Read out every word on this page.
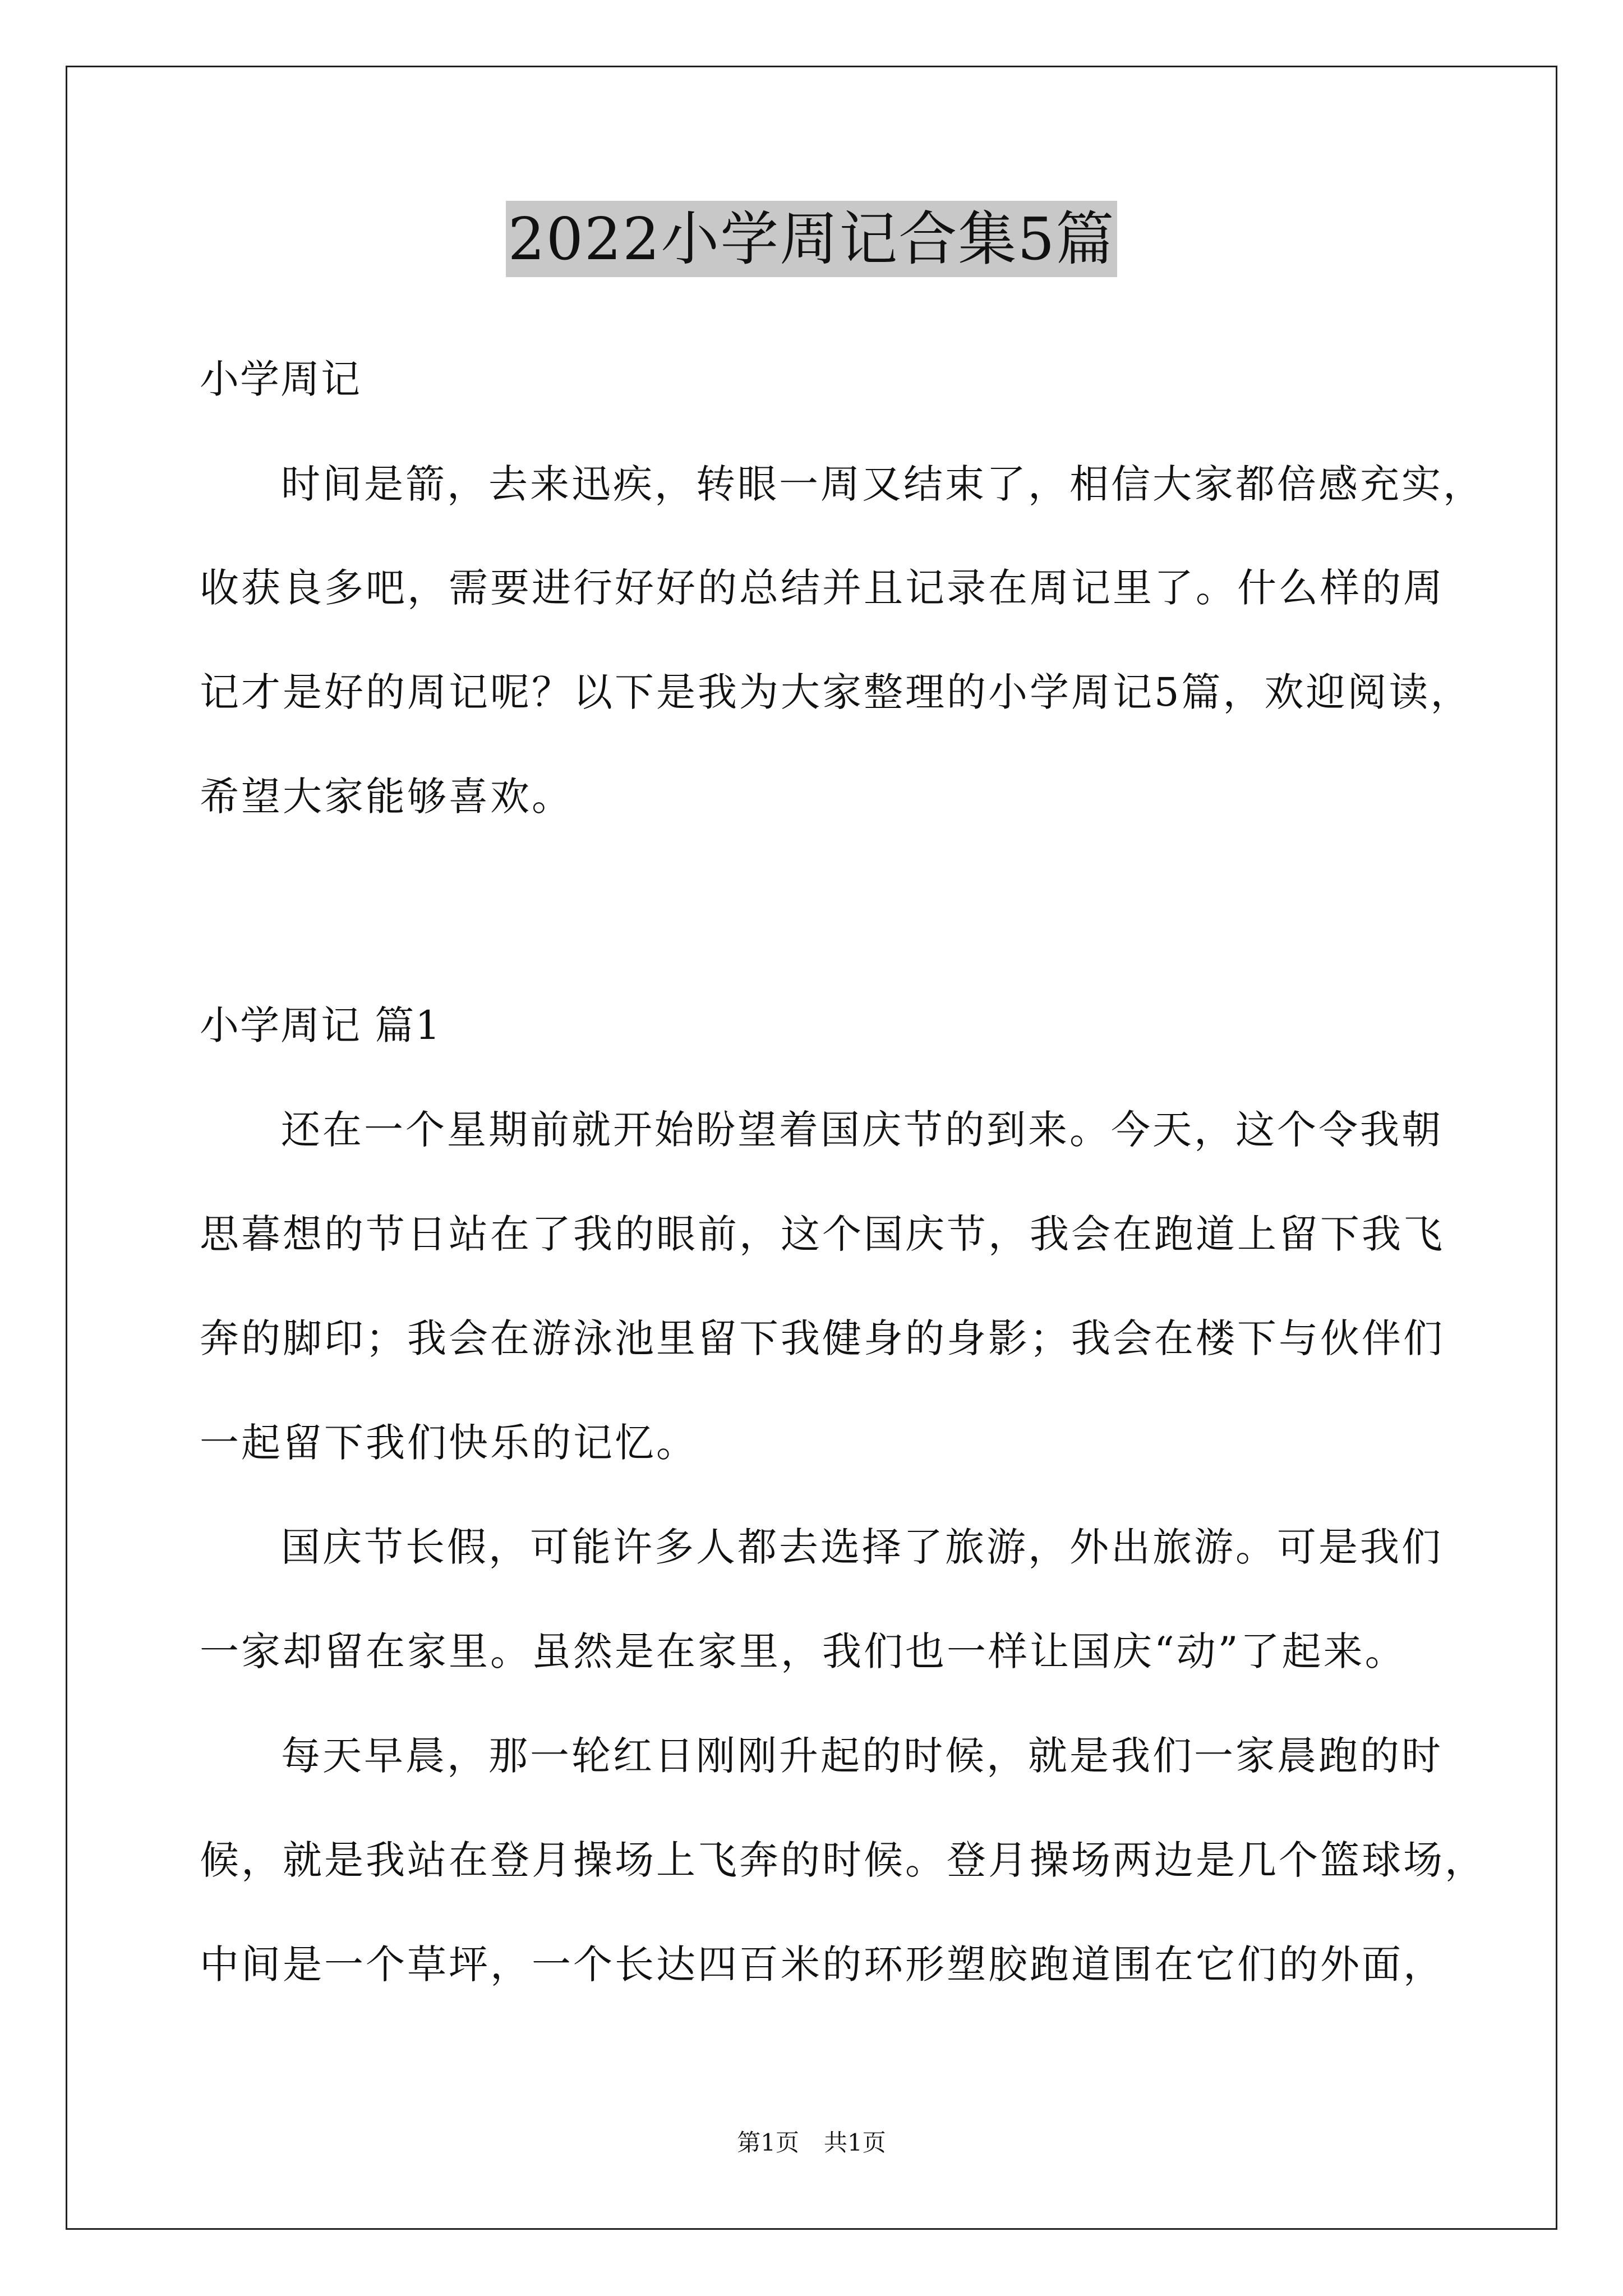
2022小学周记合集5篇
小学周记
时间是箭，去来迅疾，转眼一周又结束了，相信大家都倍感充实，
收获良多吧，需要进行好好的总结并且记录在周记里了。什么样的周
记才是好的周记呢？以下是我为大家整理的小学周记5篇，欢迎阅读，
希望大家能够喜欢。
小学周记 篇1
还在一个星期前就开始盼望着国庆节的到来。今天，这个令我朝
思暮想的节日站在了我的眼前，这个国庆节，我会在跑道上留下我飞
奔的脚印；我会在游泳池里留下我健身的身影；我会在楼下与伙伴们
一起留下我们快乐的记忆。
国庆节长假，可能许多人都去选择了旅游，外出旅游。可是我们
一家却留在家里。虽然是在家里，我们也一样让国庆“动”了起来。
每天早晨，那一轮红日刚刚升起的时候，就是我们一家晨跑的时
候，就是我站在登月操场上飞奔的时候。登月操场两边是几个篮球场，
中间是一个草坪，一个长达四百米的环形塑胶跑道围在它们的外面，
第1页 共1页
